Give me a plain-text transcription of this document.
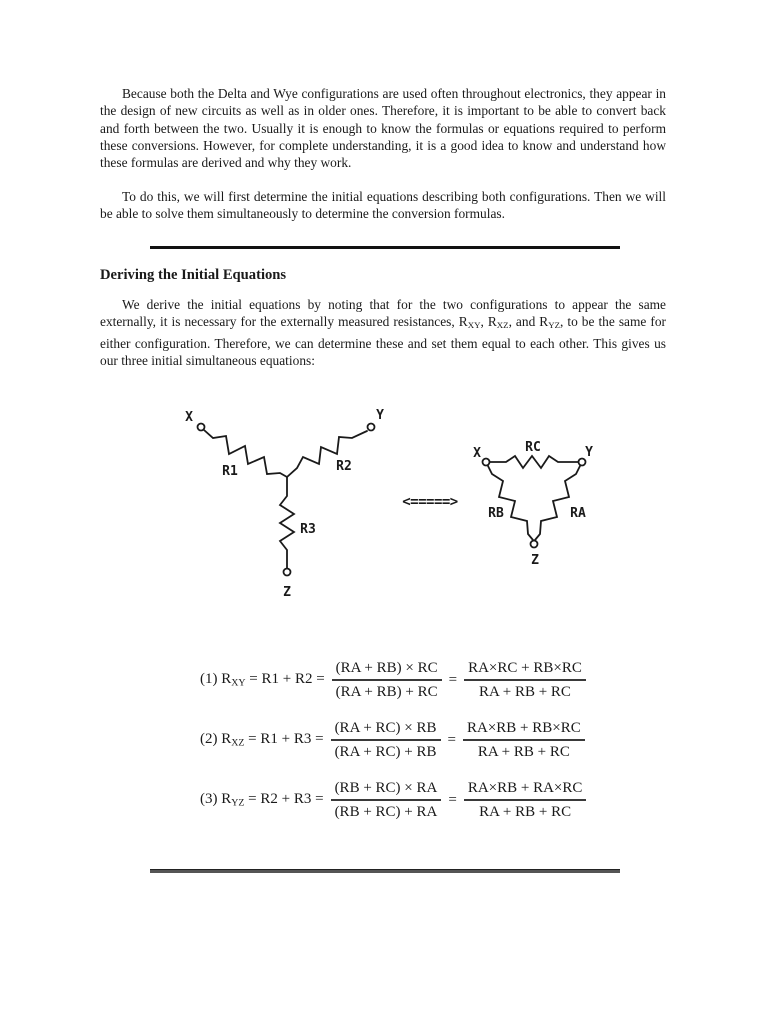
Because both the Delta and Wye configurations are used often throughout electronics, they appear in the design of new circuits as well as in older ones. Therefore, it is important to be able to convert back and forth between the two. Usually it is enough to know the formulas or equations required to perform these conversions. However, for complete understanding, it is a good idea to know and understand how these formulas are derived and why they work.

To do this, we will first determine the initial equations describing both configurations. Then we will be able to solve them simultaneously to determine the conversion formulas.

Deriving the Initial Equations

We derive the initial equations by noting that for the two configurations to appear the same externally, it is necessary for the externally measured resistances, $R_{XY}$, $R_{XZ}$, and $R_{YZ}$, to be the same for either configuration. Therefore, we can determine these and set them equal to each other. This gives us our three initial simultaneous equations:

X	Y
Z
R1	R2
R3
<=====>
X	Y
Z
RC
RB	RA
(1) $R_{XY} = R1 + R2 = \frac{(RA + RB) \times RC}{(RA + RB) + RC} = \frac{RA\times RC + RB\times RC}{RA + RB + RC}$
(2) $R_{XZ} = R1 + R3 = \frac{(RA + RC) \times RB}{(RA + RC) + RB} = \frac{RA\times RB + RB\times RC}{RA + RB + RC}$
(3) $R_{YZ} = R2 + R3 = \frac{(RB + RC) \times RA}{(RB + RC) + RA} = \frac{RA\times RB + RA\times RC}{RA + RB + RC}$
